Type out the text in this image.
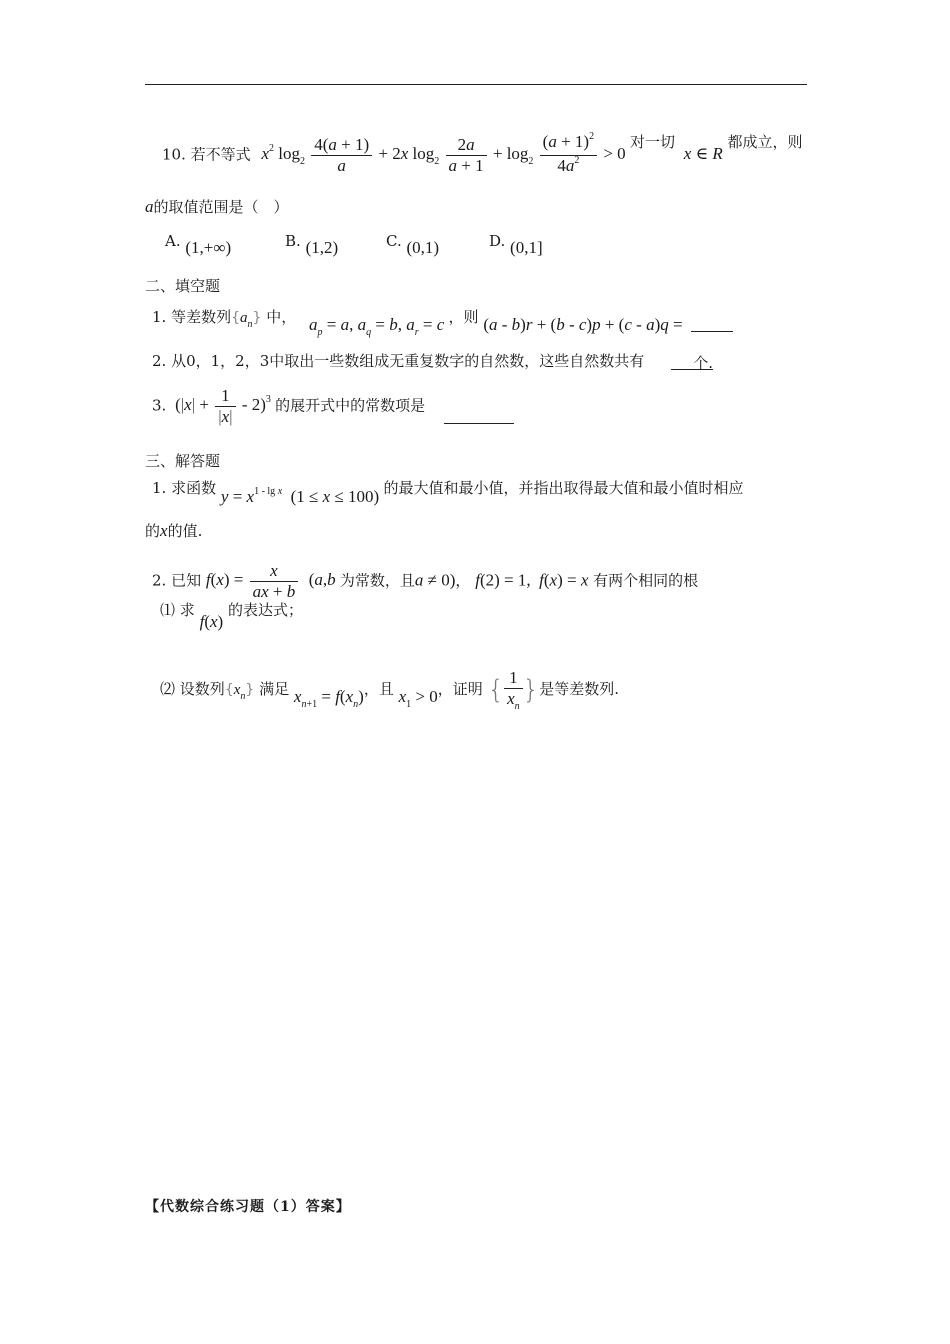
10. 若不等式 $x^2$ $\log_2 \frac{4(a + 1)}{a} + 2x$ $\log_2 \frac{2a}{a + 1} + \log_2 \frac{(a + 1)^2}{4a^2} > 0$ 对一切 x ∈ R 都成立，则
a的取值范围是（　）
A. (1,+∞)	B. (1,2)	C. (0,1)	D. (0,1]
二、填空题
1. 等差数列$\{a_n\}$ 中， $a_p = a$, $a_q = b$, $a_r = c$ ，则 (a - b)r + (b - c)p + (c - a)q =
2. 从0，1，2，3中取出一些数组成无重复数字的自然数，这些自然数共有	个.
3. $(|x| + \frac{1}{|x|} - 2)^3$ 的展开式中的常数项是
三、解答题
1. 求函数 $y = x^{1 - lg x}$  (1 ≤ x ≤ 100) 的最大值和最小值，并指出取得最大值和最小值时相应
的x的值.
2. 已知 $f(x) = \frac{x}{ax + b} (a,b$ 为常数，且a ≠ 0)， f(2) = 1,  f(x) = x 有两个相同的根
⑴ 求 f(x) 的表达式；
⑵ 设数列$\{x_n\}$ 满足 $x_{n+1} = f(x_n)$，且 $x_1 > 0$，证明 { $\frac{1}{x_n}$ }是等差数列.
【代数综合练习题（1）答案】
